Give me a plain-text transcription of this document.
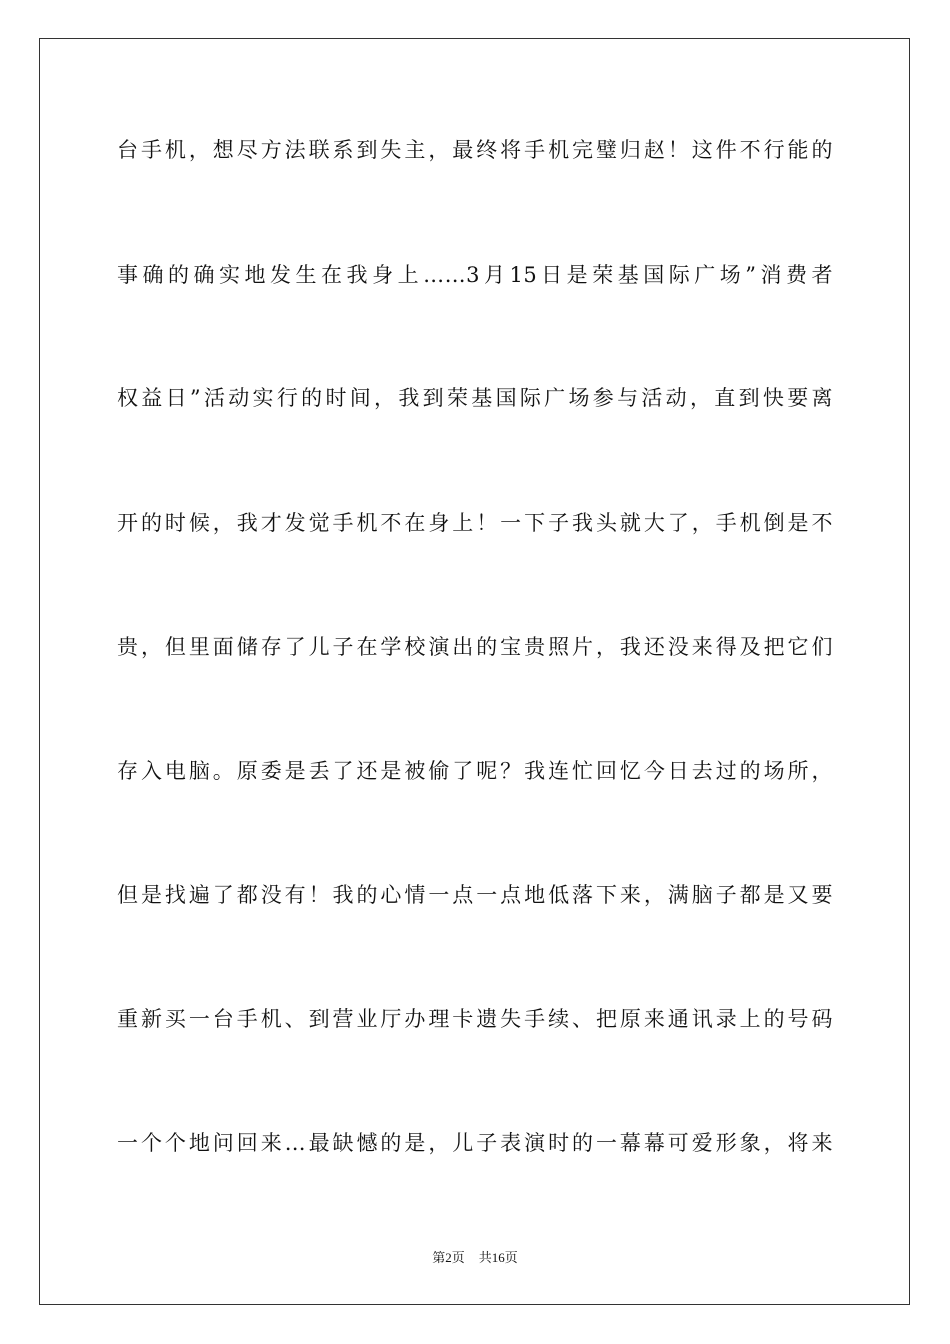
台手机，想尽方法联系到失主，最终将手机完璧归赵！这件不行能的
事确的确实地发生在我身上……3月15日是荣基国际广场”消费者
权益日”活动实行的时间，我到荣基国际广场参与活动，直到快要离
开的时候，我才发觉手机不在身上！一下子我头就大了，手机倒是不
贵，但里面储存了儿子在学校演出的宝贵照片，我还没来得及把它们
存入电脑。原委是丢了还是被偷了呢？我连忙回忆今日去过的场所，
但是找遍了都没有！我的心情一点一点地低落下来，满脑子都是又要
重新买一台手机、到营业厅办理卡遗失手续、把原来通讯录上的号码
一个个地问回来…最缺憾的是，儿子表演时的一幕幕可爱形象，将来
第2页 共16页
